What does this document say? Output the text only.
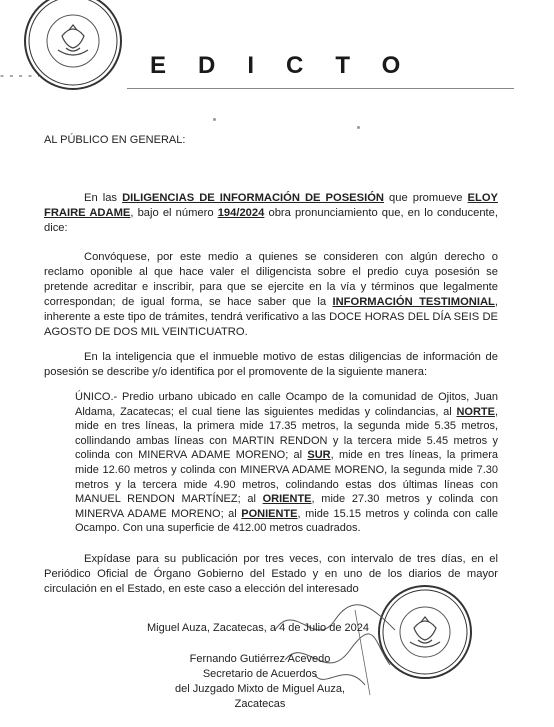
- - - - -	EDICTO
AL PÚBLICO EN GENERAL:
En las DILIGENCIAS DE INFORMACIÓN DE POSESIÓN que promueve ELOY FRAIRE ADAME, bajo el número 194/2024 obra pronunciamiento que, en lo conducente, dice:
Convóquese, por este medio a quienes se consideren con algún derecho o reclamo oponible al que hace valer el diligencista sobre el predio cuya posesión se pretende acreditar e inscribir, para que se ejercite en la vía y términos que legalmente correspondan; de igual forma, se hace saber que la INFORMACIÓN TESTIMONIAL, inherente a este tipo de trámites, tendrá verificativo a las DOCE HORAS DEL DÍA SEIS DE AGOSTO DE DOS MIL VEINTICUATRO.
En la inteligencia que el inmueble motivo de estas diligencias de información de posesión se describe y/o identifica por el promovente de la siguiente manera:
ÚNICO.- Predio urbano ubicado en calle Ocampo de la comunidad de Ojitos, Juan Aldama, Zacatecas; el cual tiene las siguientes medidas y colindancias, al NORTE, mide en tres líneas, la primera mide 17.35 metros, la segunda mide 5.35 metros, collindando ambas líneas con MARTIN RENDON y la tercera mide 5.45 metros y colinda con MINERVA ADAME MORENO; al SUR, mide en tres líneas, la primera mide 12.60 metros y colinda con MINERVA ADAME MORENO, la segunda mide 7.30 metros y la tercera mide 4.90 metros, colindando estas dos últimas líneas con MANUEL RENDON MARTÍNEZ; al ORIENTE, mide 27.30 metros y colinda con MINERVA ADAME MORENO; al PONIENTE, mide 15.15 metros y colinda con calle Ocampo. Con una superficie de 412.00 metros cuadrados.
Expídase para su publicación por tres veces, con intervalo de tres días, en el Periódico Oficial de Órgano Gobierno del Estado y en uno de los diarios de mayor circulación en el Estado, en este caso a elección del interesado
Miguel Auza, Zacatecas, a 4 de Julio de 2024
Fernando Gutiérrez Acevedo
Secretario de Acuerdos
del Juzgado Mixto de Miguel Auza, Zacatecas
